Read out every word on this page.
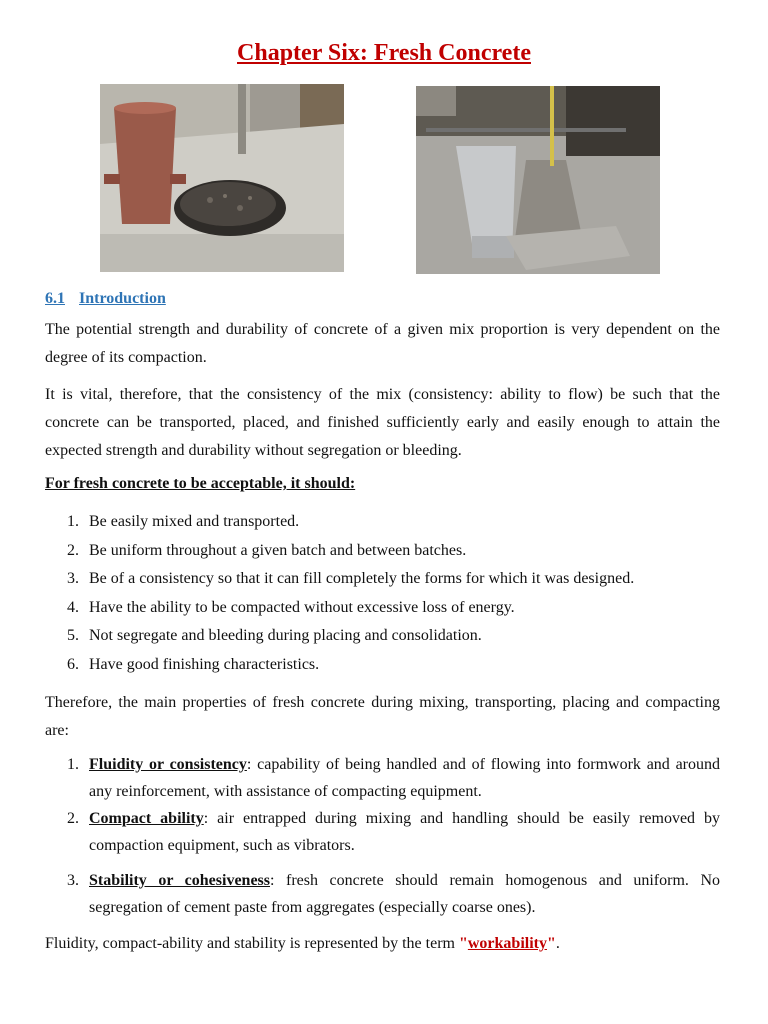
Chapter Six: Fresh Concrete
6.1 Introduction
The potential strength and durability of concrete of a given mix proportion is very dependent on the degree of its compaction.
It is vital, therefore, that the consistency of the mix (consistency: ability to flow) be such that the concrete can be transported, placed, and finished sufficiently early and easily enough to attain the expected strength and durability without segregation or bleeding.
For fresh concrete to be acceptable, it should:
1. Be easily mixed and transported.
2. Be uniform throughout a given batch and between batches.
3. Be of a consistency so that it can fill completely the forms for which it was designed.
4. Have the ability to be compacted without excessive loss of energy.
5. Not segregate and bleeding during placing and consolidation.
6. Have good finishing characteristics.
Therefore, the main properties of fresh concrete during mixing, transporting, placing and compacting are:
1. Fluidity or consistency: capability of being handled and of flowing into formwork and around any reinforcement, with assistance of compacting equipment.
2. Compact ability: air entrapped during mixing and handling should be easily removed by compaction equipment, such as vibrators.
3. Stability or cohesiveness: fresh concrete should remain homogenous and uniform. No segregation of cement paste from aggregates (especially coarse ones).
Fluidity, compact-ability and stability is represented by the term "workability".
